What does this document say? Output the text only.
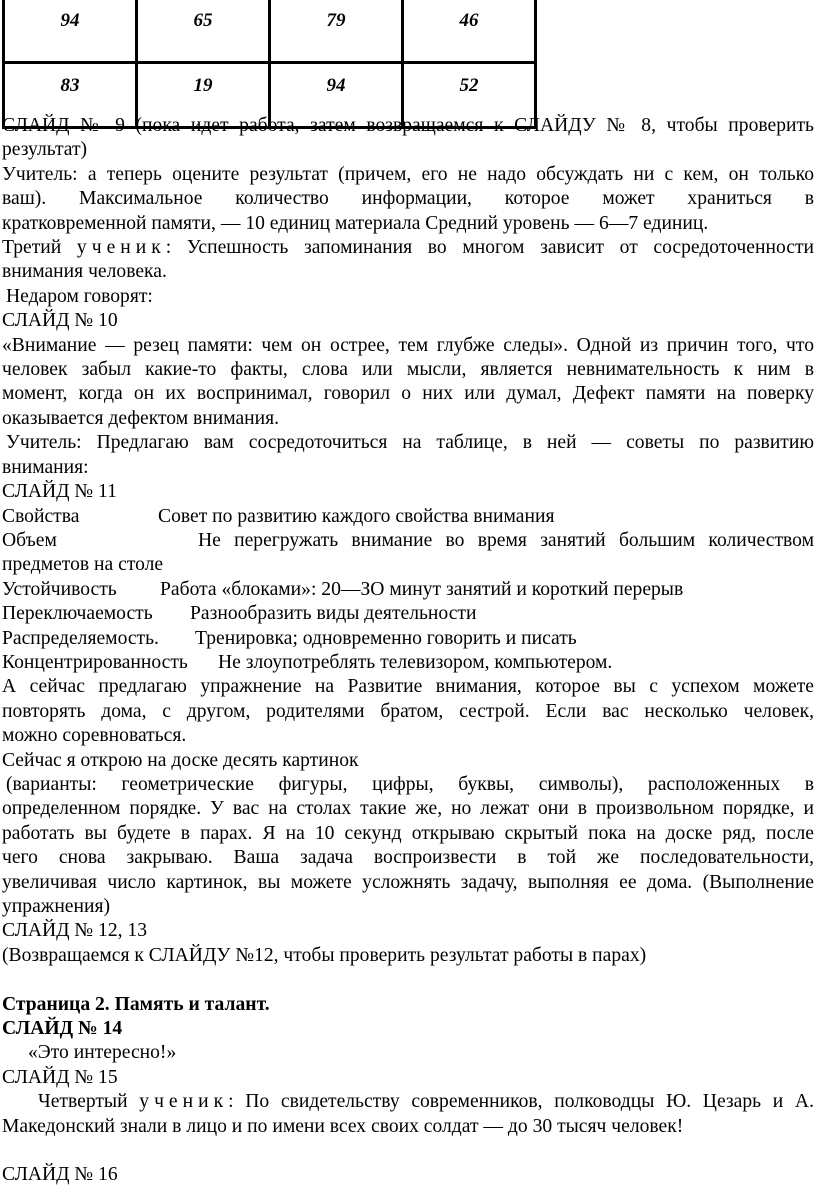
94	65	79	46
83	19	94	52
СЛАЙД № 9 (пока идет работа, затем возвращаемся к СЛАЙДУ № 8, чтобы проверить
результат)
Учитель: а теперь оцените результат (причем, его не надо обсуждать ни с кем, он только
ваш). Максимальное количество информации, которое может храниться в
кратковременной памяти, — 10 единиц материала Средний уровень — 6—7 единиц.
Третий ученик: Успешность запоминания во многом зависит от сосредоточенности
внимания человека.
Недаром говорят:
СЛАЙД № 10
«Внимание — резец памяти: чем он острее, тем глубже следы». Одной из причин того, что
человек забыл какие-то факты, слова или мысли, является невнимательность к ним в
момент, когда он их воспринимал, говорил о них или думал, Дефект памяти на поверку
оказывается дефектом внимания.
Учитель: Предлагаю вам сосредоточиться на таблице, в ней — советы по развитию
внимания:
СЛАЙД № 11
Свойства	Совет по развитию каждого свойства внимания
Объем	Не перегружать внимание во время занятий большим количеством
предметов на столе
Устойчивость Работа «блоками»: 20—ЗО минут занятий и короткий перерыв
Переключаемость Разнообразить виды деятельности
Распределяемость. Тренировка; одновременно говорить и писать
Концентрированность Не злоупотреблять телевизором, компьютером.
А сейчас предлагаю упражнение на Развитие внимания, которое вы с успехом можете
повторять дома, с другом, родителями братом, сестрой. Если вас несколько человек,
можно соревноваться.
Сейчас я открою на доске десять картинок
(варианты: геометрические фигуры, цифры, буквы, символы), расположенных в
определенном порядке. У вас на столах такие же, но лежат они в произвольном порядке, и
работать вы будете в парах. Я на 10 секунд открываю скрытый пока на доске ряд, после
чего снова закрываю. Ваша задача воспроизвести в той же последовательности,
увеличивая число картинок, вы можете усложнять задачу, выполняя ее дома. (Выполнение
упражнения)
СЛАЙД № 12, 13
(Возвращаемся к СЛАЙДУ №12, чтобы проверить результат работы в парах)
Страница 2. Память и талант.
СЛАЙД № 14
«Это интересно!»
СЛАЙД № 15
Четвертый ученик: По свидетельству современников, полководцы Ю. Цезарь и А.
Македонский знали в лицо и по имени всех своих солдат — до 30 тысяч человек!
СЛАЙД № 16
